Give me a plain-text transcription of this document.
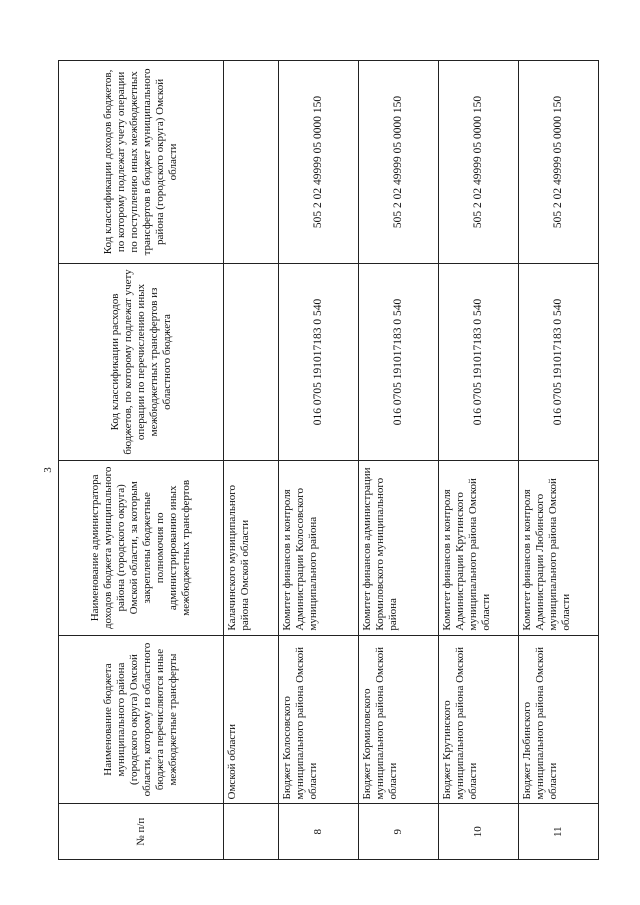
3
№ п/п	Наименование бюджета муниципального района (городского округа) Омской области, которому из областного бюджета перечисляются иные межбюджетные трансферты	Наименование администратора доходов бюджета муниципального района (городского округа) Омской области, за которым закреплены бюджетные полномочия по администрированию иных межбюджетных трансфертов	Код классификации расходов бюджетов, по которому подлежат учету операции по перечислению иных межбюджетных трансфертов из областного бюджета	Код классификации доходов бюджетов, по которому подлежат учету операции по поступлению иных межбюджетных трансфертов в бюджет муниципального района (городского округа) Омской области
	Омской области	Калачинского муниципального района Омской области		
8	Бюджет Колосовского муниципального района Омской области	Комитет финансов и контроля Администрации Колосовского муниципального района	016 0705 191017183 0 540	505 2 02 49999 05 0000 150
9	Бюджет Кормиловского муниципального района Омской области	Комитет финансов администрации Кормиловского муниципального района	016 0705 191017183 0 540	505 2 02 49999 05 0000 150
10	Бюджет Крутинского муниципального района Омской области	Комитет финансов и контроля Администрации Крутинского муниципального района Омской области	016 0705 191017183 0 540	505 2 02 49999 05 0000 150
11	Бюджет Любинского муниципального района Омской области	Комитет финансов и контроля Администрации Любинского муниципального района Омской области	016 0705 191017183 0 540	505 2 02 49999 05 0000 150
